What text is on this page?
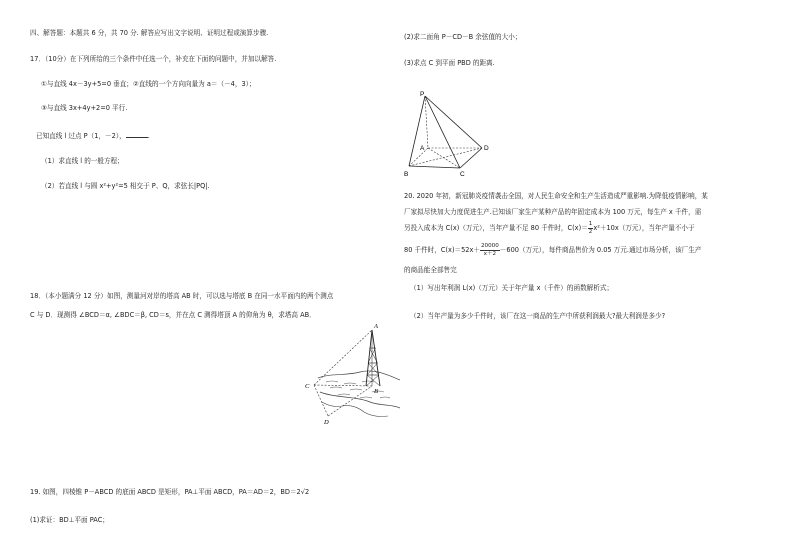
四、解答题：本题共 6 分，共 70 分. 解答应写出文字说明、证明过程或演算步骤.
17．（10分）在下列所给的三个条件中任选一个，补充在下面的问题中，并加以解答.
①与直线 4x－3y+5=0 垂直；②直线的一个方向向量为 a＝（－4，3）；
③与直线 3x+4y+2=0 平行.
已知直线 l 过点 P（1，－2），	.
（1）求直线 l 的一般方程；
（2）若直线 l 与圆 x²+y²=5 相交于 P、Q，求弦长|PQ|.
18．（本小题满分 12 分）如图，测量河对岸的塔高 AB 时，可以选与塔底 B 在同一水平面内的两个测点
C 与 D．现测得 ∠BCD＝α, ∠BDC＝β, CD＝s，并在点 C 测得塔顶 A 的仰角为 θ，求塔高 AB．
A
B
C
D
19. 如图，四棱锥 P－ABCD 的底面 ABCD 是矩形，PA⊥平面 ABCD，PA＝AD＝2，BD＝2√2
(1)求证：BD⊥平面 PAC；
(2)求二面角 P－CD－B 余弦值的大小；
(3)求点 C 到平面 PBD 的距离.
P
A
B	C
D
20. 2020 年初，新冠肺炎疫情袭击全国，对人民生命安全和生产生活造成严重影响.为降低疫情影响，某
厂家拟尽快加大力度促进生产.已知该厂家生产某种产品的年固定成本为 100 万元，每生产 x 千件，需
另投入成本为 C(x)（万元），当年产量不足 80 千件时，$C(x)= \frac{1}{2} x^2+10x$（万元），当年产量不小于
80 千件时，$C(x)=52x+ \frac{20000}{x+2} -600$（万元），每件商品售价为 0.05 万元.通过市场分析，该厂生产
的商品能全部售完
（1）写出年利润 L(x)（万元）关于年产量 x（千件）的函数解析式；
（2）当年产量为多少千件时，该厂在这一商品的生产中所获利润最大?最大利润是多少?
